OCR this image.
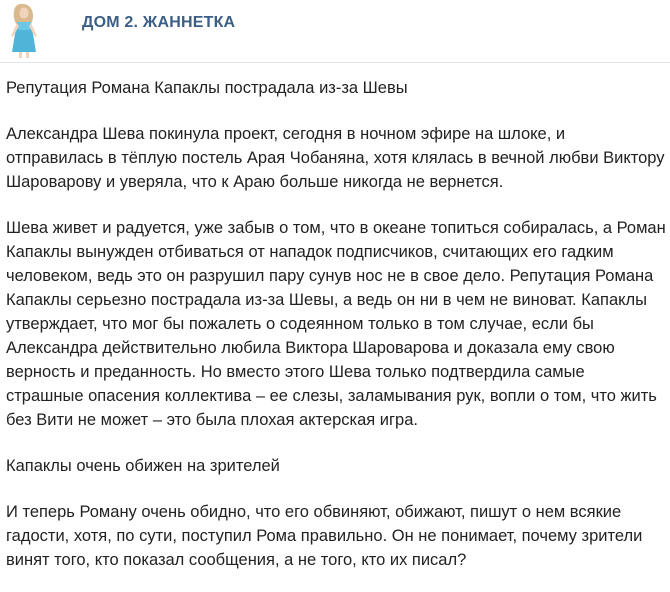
ДОМ 2. ЖАННЕТКА

Репутация Романа Капаклы пострадала из-за Шевы

Александра Шева покинула проект, сегодня в ночном эфире на шлоке, и отправилась в тёплую постель Арая Чобаняна, хотя клялась в вечной любви Виктору Шароварову и уверяла, что к Араю больше никогда не вернется.

Шева живет и радуется, уже забыв о том, что в океане топиться собиралась, а Роман Капаклы вынужден отбиваться от нападок подписчиков, считающих его гадким человеком, ведь это он разрушил пару сунув нос не в свое дело. Репутация Романа Капаклы серьезно пострадала из-за Шевы, а ведь он ни в чем не виноват. Капаклы утверждает, что мог бы пожалеть о содеянном только в том случае, если бы Александра действительно любила Виктора Шароварова и доказала ему свою верность и преданность. Но вместо этого Шева только подтвердила самые страшные опасения коллектива – ее слезы, заламывания рук, вопли о том, что жить без Вити не может – это была плохая актерская игра.

Капаклы очень обижен на зрителей

И теперь Роману очень обидно, что его обвиняют, обижают, пишут о нем всякие гадости, хотя, по сути, поступил Рома правильно. Он не понимает, почему зрители винят того, кто показал сообщения, а не того, кто их писал?
